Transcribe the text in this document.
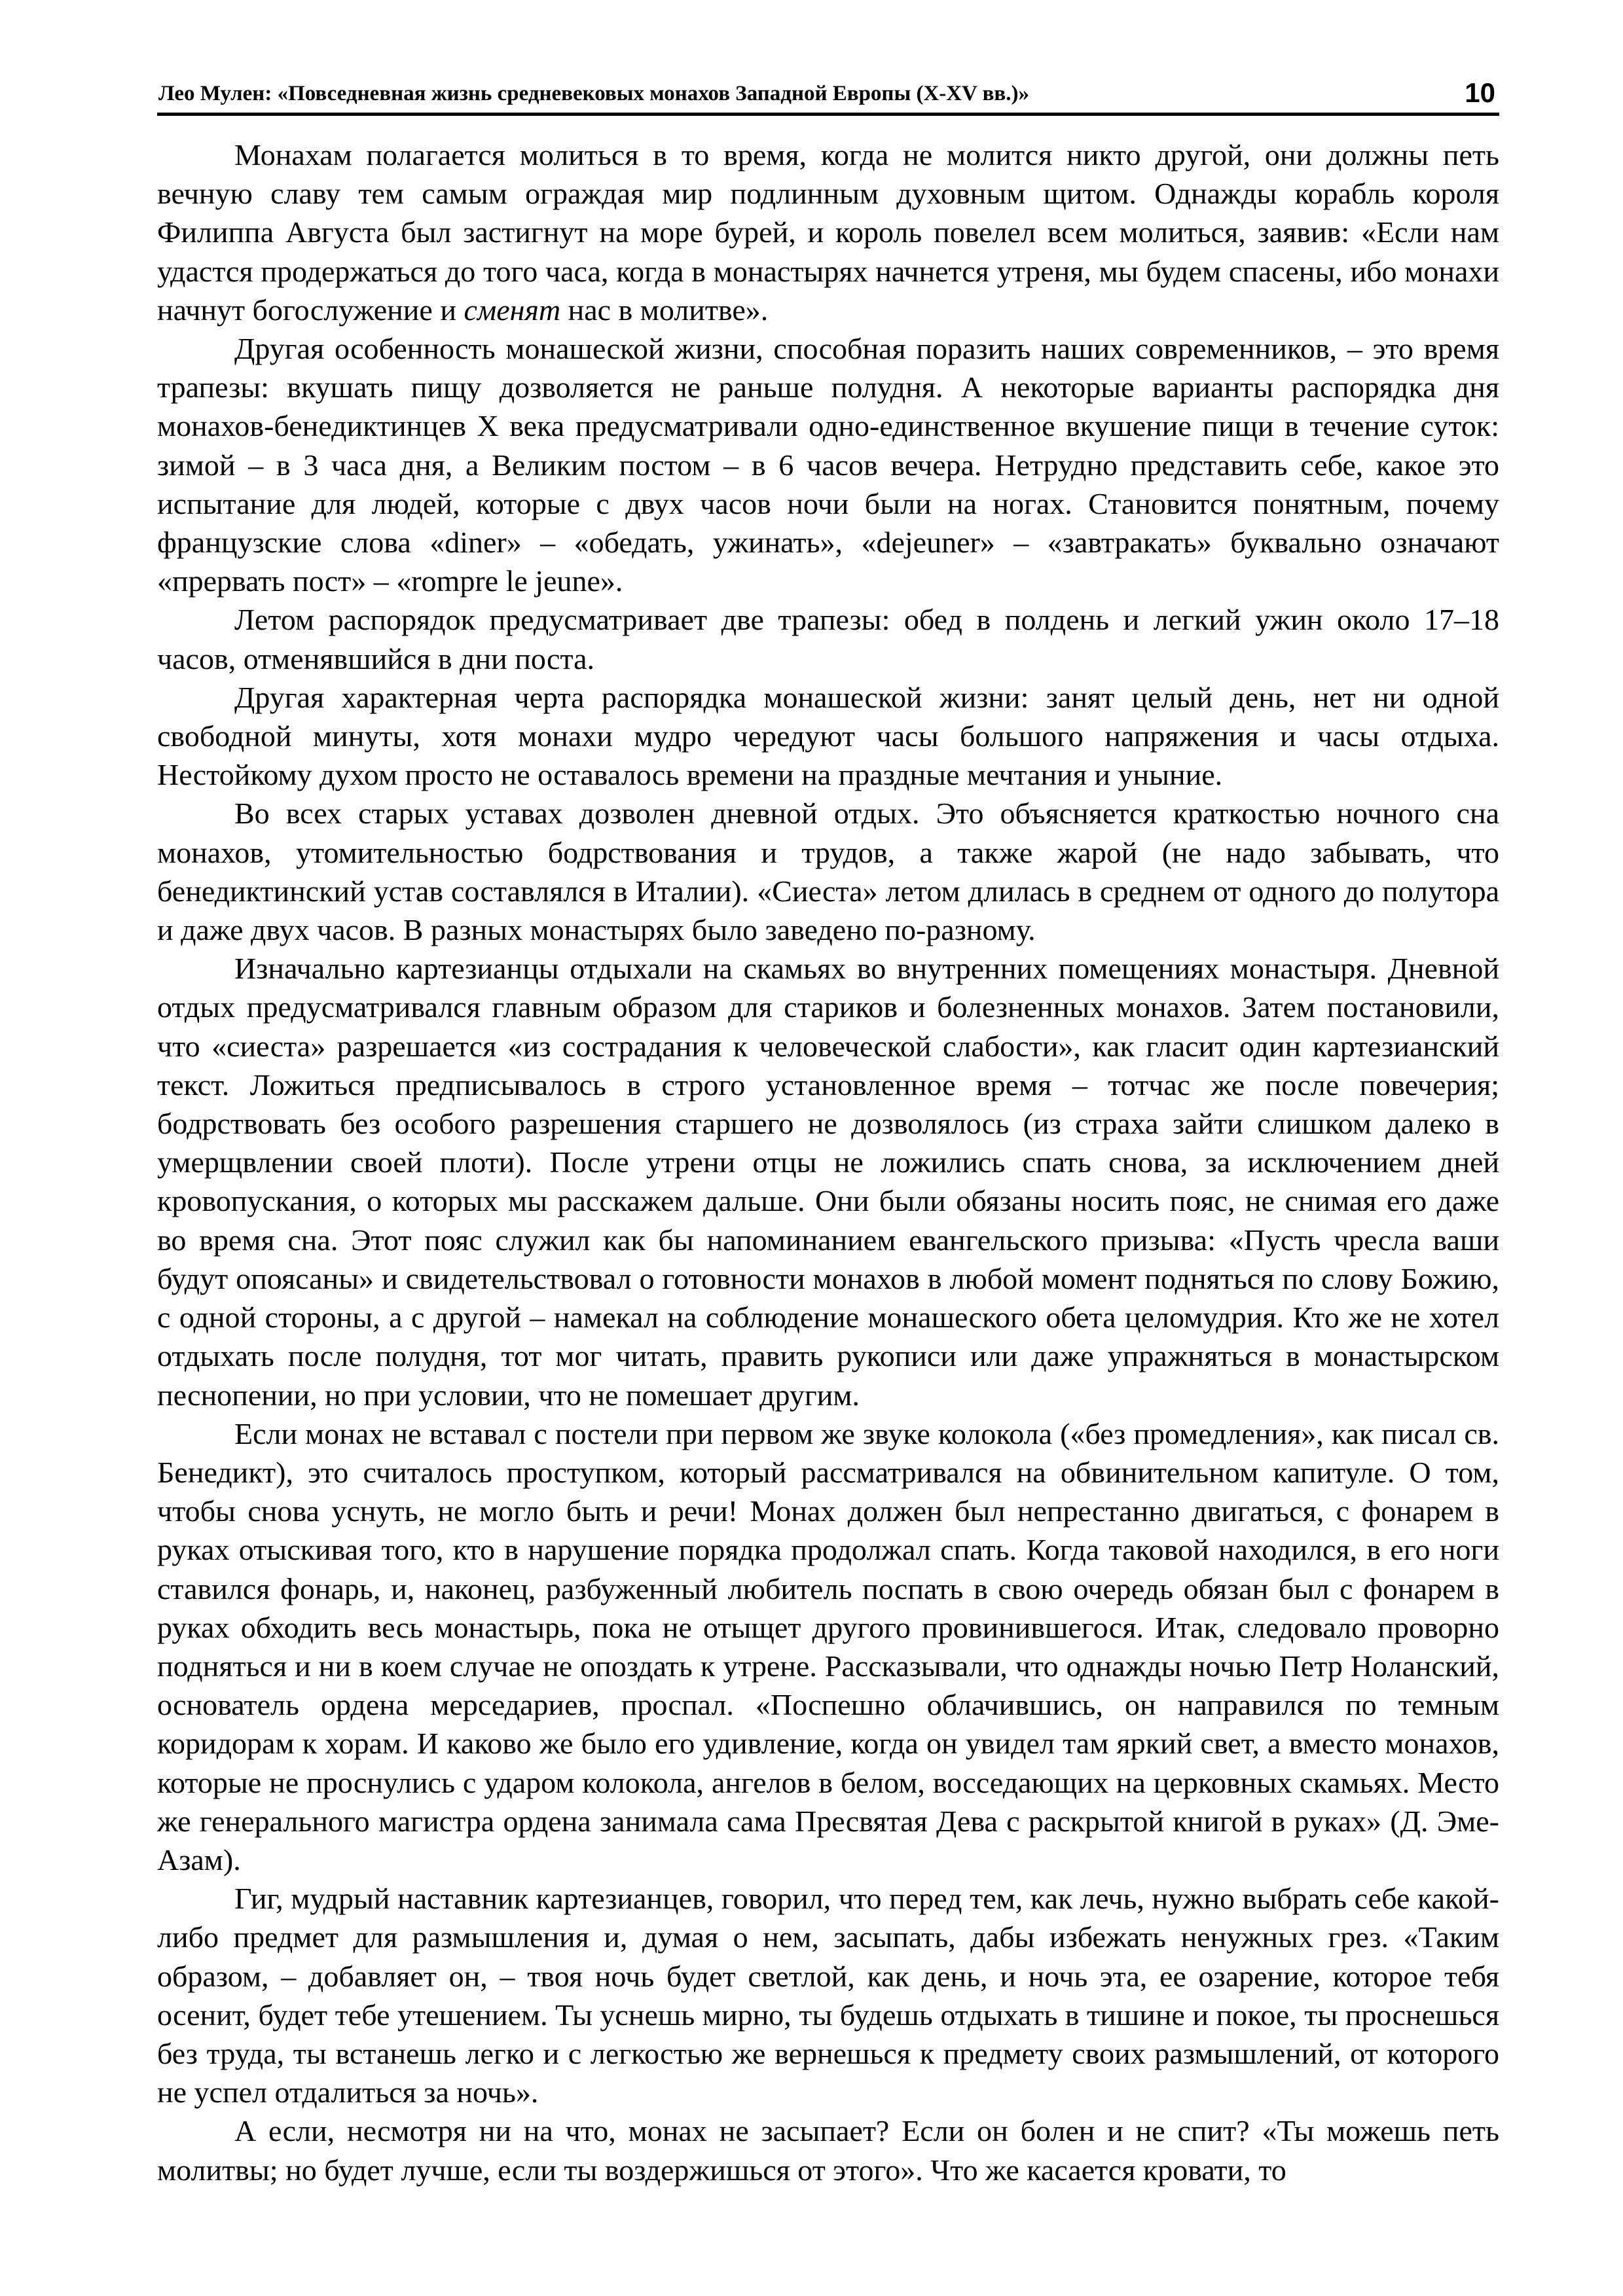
Лео Мулен: «Повседневная жизнь средневековых монахов Западной Европы (X-XV вв.)»	10

Монахам полагается молиться в то время, когда не молится никто другой, они должны петь вечную славу тем самым ограждая мир подлинным духовным щитом. Однажды корабль короля Филиппа Августа был застигнут на море бурей, и король повелел всем молиться, заявив: «Если нам удастся продержаться до того часа, когда в монастырях начнется утреня, мы будем спасены, ибо монахи начнут богослужение и сменят нас в молитве».

Другая особенность монашеской жизни, способная поразить наших современников, – это время трапезы: вкушать пищу дозволяется не раньше полудня. А некоторые варианты распорядка дня монахов-бенедиктинцев X века предусматривали одно-единственное вкушение пищи в течение суток: зимой – в 3 часа дня, а Великим постом – в 6 часов вечера. Нетрудно представить себе, какое это испытание для людей, которые с двух часов ночи были на ногах. Становится понятным, почему французские слова «diner» – «обедать, ужинать», «dejeuner» – «завтракать» буквально означают «прервать пост» – «rompre le jeune».

Летом распорядок предусматривает две трапезы: обед в полдень и легкий ужин около 17–18 часов, отменявшийся в дни поста.

Другая характерная черта распорядка монашеской жизни: занят целый день, нет ни одной свободной минуты, хотя монахи мудро чередуют часы большого напряжения и часы отдыха. Нестойкому духом просто не оставалось времени на праздные мечтания и уныние.

Во всех старых уставах дозволен дневной отдых. Это объясняется краткостью ночного сна монахов, утомительностью бодрствования и трудов, а также жарой (не надо забывать, что бенедиктинский устав составлялся в Италии). «Сиеста» летом длилась в среднем от одного до полутора и даже двух часов. В разных монастырях было заведено по-разному.

Изначально картезианцы отдыхали на скамьях во внутренних помещениях монастыря. Дневной отдых предусматривался главным образом для стариков и болезненных монахов. Затем постановили, что «сиеста» разрешается «из сострадания к человеческой слабости», как гласит один картезианский текст. Ложиться предписывалось в строго установленное время – тотчас же после повечерия; бодрствовать без особого разрешения старшего не дозволялось (из страха зайти слишком далеко в умерщвлении своей плоти). После утрени отцы не ложились спать снова, за исключением дней кровопускания, о которых мы расскажем дальше. Они были обязаны носить пояс, не снимая его даже во время сна. Этот пояс служил как бы напоминанием евангельского призыва: «Пусть чресла ваши будут опоясаны» и свидетельствовал о готовности монахов в любой момент подняться по слову Божию, с одной стороны, а с другой – намекал на соблюдение монашеского обета целомудрия. Кто же не хотел отдыхать после полудня, тот мог читать, править рукописи или даже упражняться в монастырском песнопении, но при условии, что не помешает другим.

Если монах не вставал с постели при первом же звуке колокола («без промедления», как писал св. Бенедикт), это считалось проступком, который рассматривался на обвинительном капитуле. О том, чтобы снова уснуть, не могло быть и речи! Монах должен был непрестанно двигаться, с фонарем в руках отыскивая того, кто в нарушение порядка продолжал спать. Когда таковой находился, в его ноги ставился фонарь, и, наконец, разбуженный любитель поспать в свою очередь обязан был с фонарем в руках обходить весь монастырь, пока не отыщет другого провинившегося. Итак, следовало проворно подняться и ни в коем случае не опоздать к утрене. Рассказывали, что однажды ночью Петр Ноланский, основатель ордена мерседариев, проспал. «Поспешно облачившись, он направился по темным коридорам к хорам. И каково же было его удивление, когда он увидел там яркий свет, а вместо монахов, которые не проснулись с ударом колокола, ангелов в белом, восседающих на церковных скамьях. Место же генерального магистра ордена занимала сама Пресвятая Дева с раскрытой книгой в руках» (Д. Эме-Азам).

Гиг, мудрый наставник картезианцев, говорил, что перед тем, как лечь, нужно выбрать себе какой-либо предмет для размышления и, думая о нем, засыпать, дабы избежать ненужных грез. «Таким образом, – добавляет он, – твоя ночь будет светлой, как день, и ночь эта, ее озарение, которое тебя осенит, будет тебе утешением. Ты уснешь мирно, ты будешь отдыхать в тишине и покое, ты проснешься без труда, ты встанешь легко и с легкостью же вернешься к предмету своих размышлений, от которого не успел отдалиться за ночь».

А если, несмотря ни на что, монах не засыпает? Если он болен и не спит? «Ты можешь петь молитвы; но будет лучше, если ты воздержишься от этого». Что же касается кровати, то
